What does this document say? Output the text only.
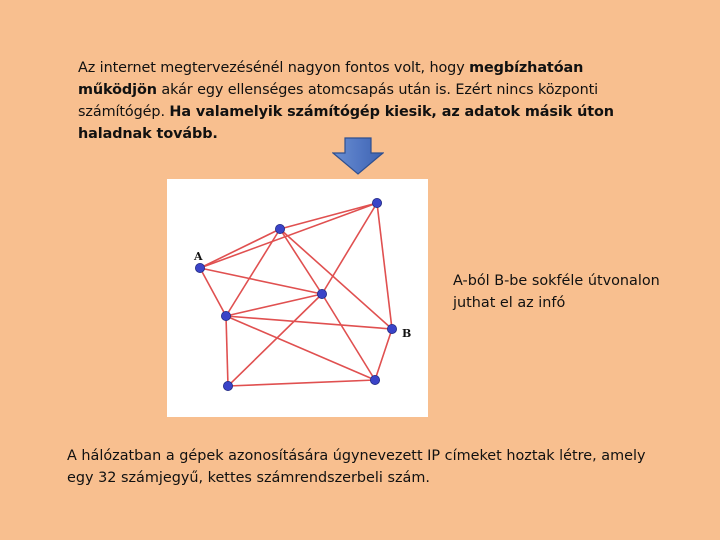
Az internet megtervezésénél nagyon fontos volt, hogy megbízhatóan működjön akár egy ellenséges atomcsapás után is. Ezért nincs központi számítógép. Ha valamelyik számítógép kiesik, az adatok másik úton haladnak tovább.
A
B
A-ból B-be sokféle útvonalon juthat el az infó
A hálózatban a gépek azonosítására úgynevezett IP címeket hoztak létre, amely egy 32 számjegyű, kettes számrendszerbeli szám.
